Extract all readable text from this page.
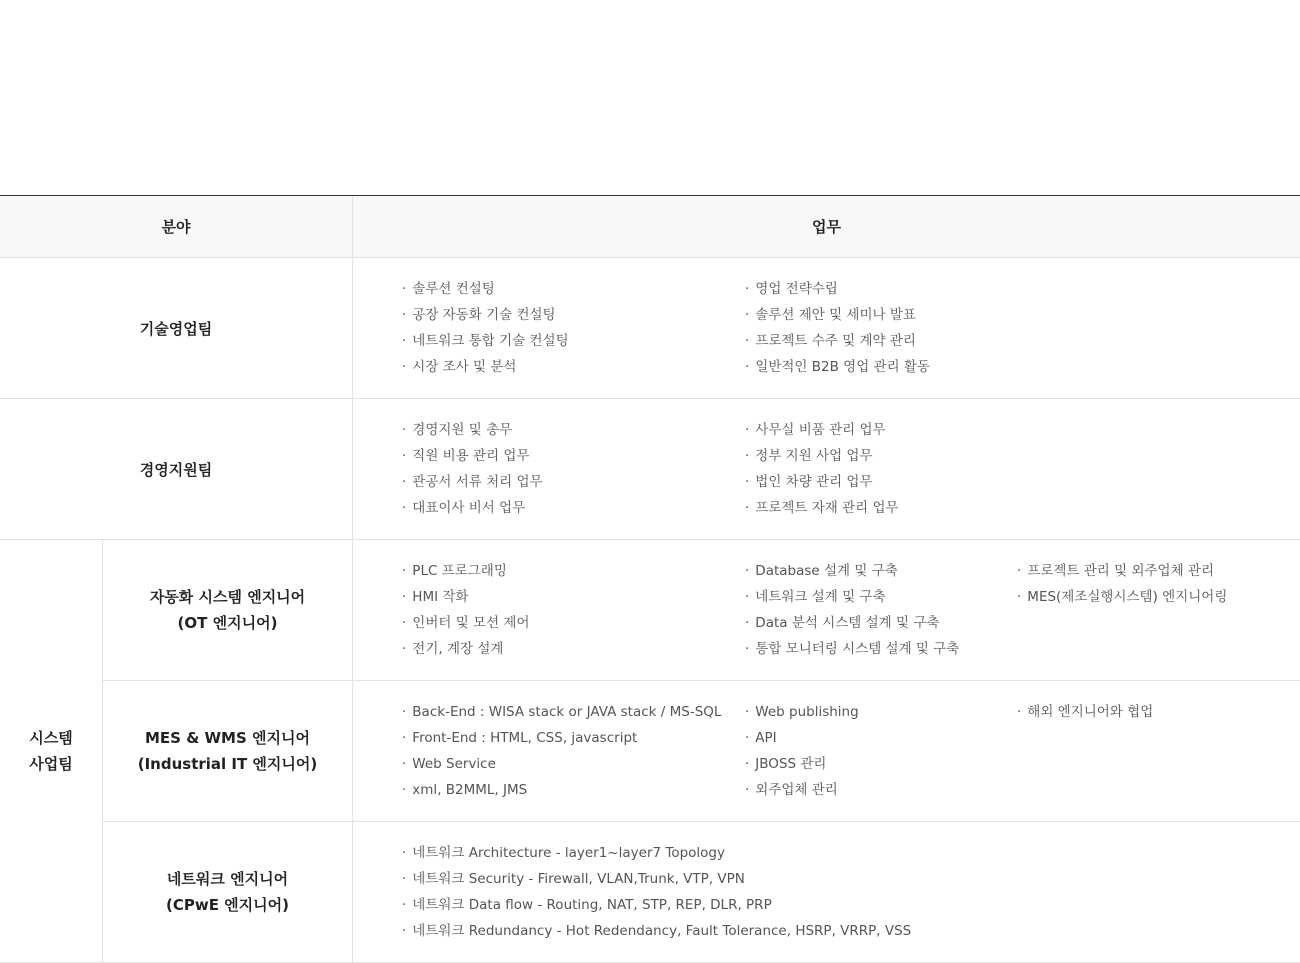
분야	업무
기술영업팀
· 솔루션 컨설팅
· 공장 자동화 기술 컨설팅
· 네트워크 통합 기술 컨설팅
· 시장 조사 및 분석
· 영업 전략수립
· 솔루션 제안 및 세미나 발표
· 프로젝트 수주 및 계약 관리
· 일반적인 B2B 영업 관리 활동
경영지원팀
· 경영지원 및 총무
· 직원 비용 관리 업무
· 관공서 서류 처리 업무
· 대표이사 비서 업무
· 사무실 비품 관리 업무
· 정부 지원 사업 업무
· 법인 차량 관리 업무
· 프로젝트 자재 관리 업무
시스템
사업팀
자동화 시스템 엔지니어
(OT 엔지니어)
· PLC 프로그래밍
· HMI 작화
· 인버터 및 모션 제어
· 전기, 계장 설계
· Database 설계 및 구축
· 네트워크 설계 및 구축
· Data 분석 시스템 설계 및 구축
· 통합 모니터링 시스템 설계 및 구축
· 프로젝트 관리 및 외주업체 관리
· MES(제조실행시스템) 엔지니어링
MES & WMS 엔지니어
(Industrial IT 엔지니어)
· Back-End : WISA stack or JAVA stack / MS-SQL
· Front-End : HTML, CSS, javascript
· Web Service
· xml, B2MML, JMS
· Web publishing
· API
· JBOSS 관리
· 외주업체 관리
· 해외 엔지니어와 협업
네트워크 엔지니어
(CPwE 엔지니어)
· 네트워크 Architecture - layer1~layer7 Topology
· 네트워크 Security - Firewall, VLAN,Trunk, VTP, VPN
· 네트워크 Data flow - Routing, NAT, STP, REP, DLR, PRP
· 네트워크 Redundancy - Hot Redendancy, Fault Tolerance, HSRP, VRRP, VSS
